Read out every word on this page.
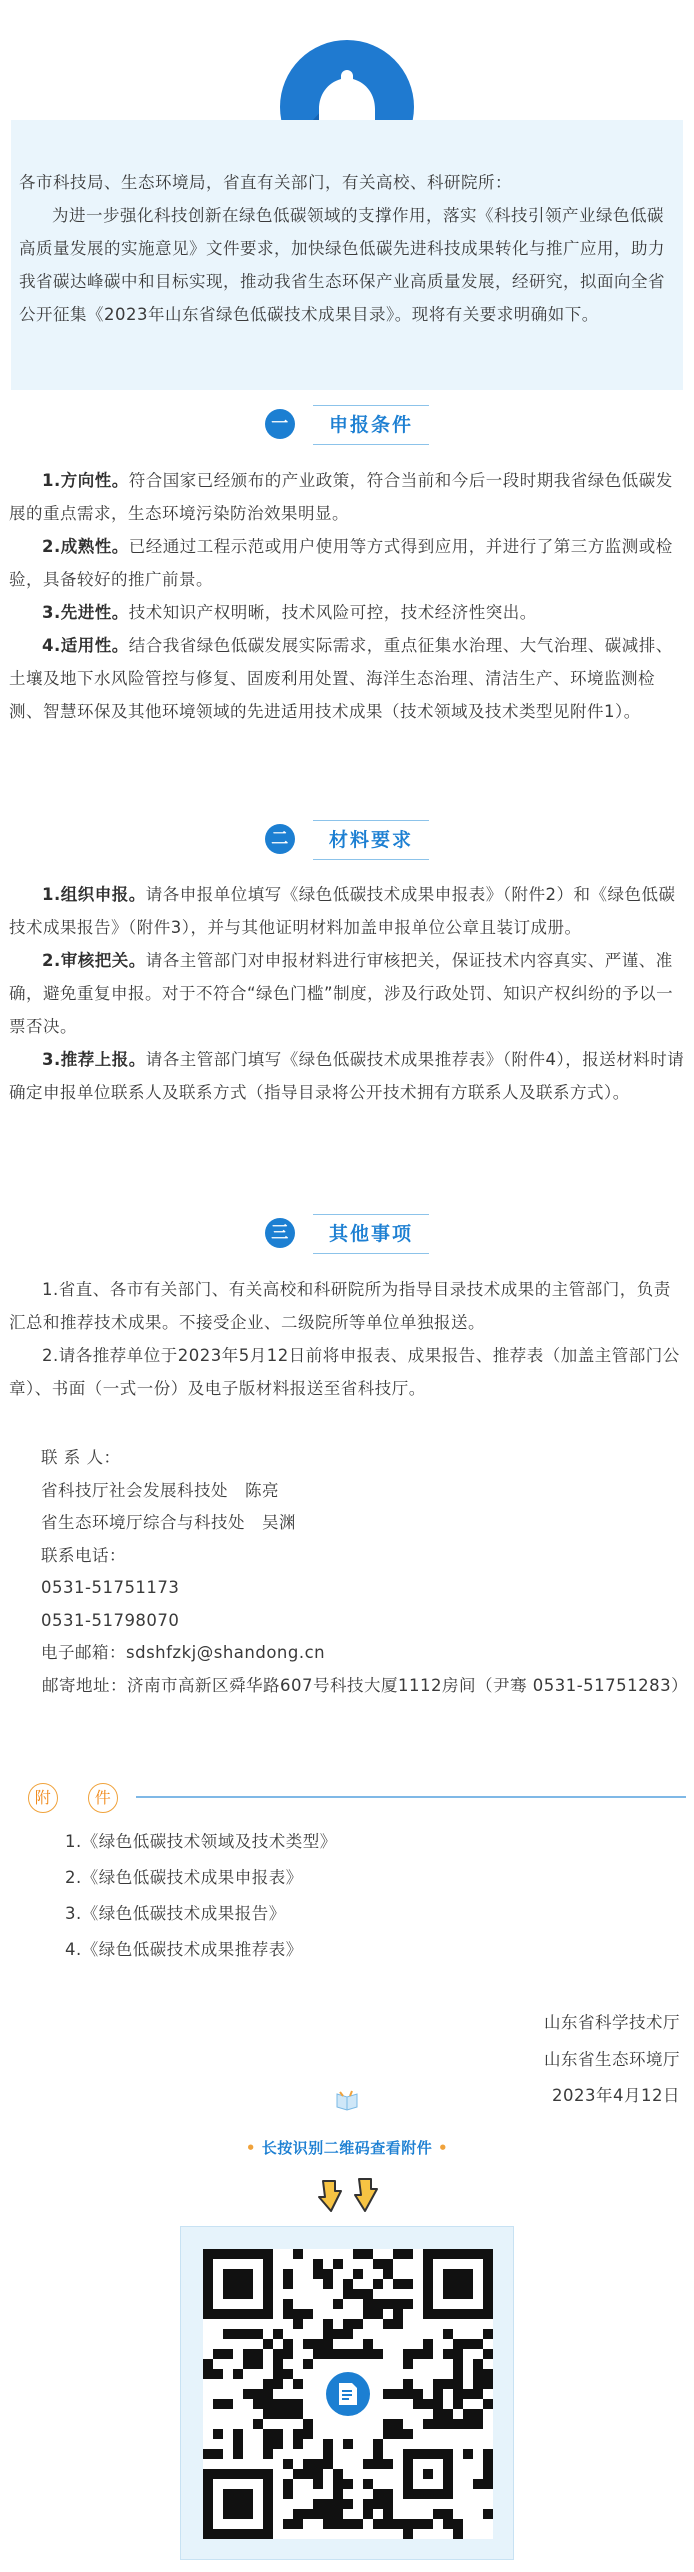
各市科技局、生态环境局，省直有关部门，有关高校、科研院所：

为进一步强化科技创新在绿色低碳领域的支撑作用，落实《科技引领产业绿色低碳高质量发展的实施意见》文件要求，加快绿色低碳先进科技成果转化与推广应用，助力我省碳达峰碳中和目标实现，推动我省生态环保产业高质量发展，经研究，拟面向全省公开征集《2023年山东省绿色低碳技术成果目录》。现将有关要求明确如下。

一	申报条件

1.方向性。符合国家已经颁布的产业政策，符合当前和今后一段时期我省绿色低碳发展的重点需求，生态环境污染防治效果明显。

2.成熟性。已经通过工程示范或用户使用等方式得到应用，并进行了第三方监测或检验，具备较好的推广前景。

3.先进性。技术知识产权明晰，技术风险可控，技术经济性突出。

4.适用性。结合我省绿色低碳发展实际需求，重点征集水治理、大气治理、碳减排、土壤及地下水风险管控与修复、固废利用处置、海洋生态治理、清洁生产、环境监测检测、智慧环保及其他环境领域的先进适用技术成果（技术领域及技术类型见附件1）。

二	材料要求

1.组织申报。请各申报单位填写《绿色低碳技术成果申报表》（附件2）和《绿色低碳技术成果报告》（附件3），并与其他证明材料加盖申报单位公章且装订成册。

2.审核把关。请各主管部门对申报材料进行审核把关，保证技术内容真实、严谨、准确，避免重复申报。对于不符合“绿色门槛”制度，涉及行政处罚、知识产权纠纷的予以一票否决。

3.推荐上报。请各主管部门填写《绿色低碳技术成果推荐表》（附件4），报送材料时请确定申报单位联系人及联系方式（指导目录将公开技术拥有方联系人及联系方式）。

三	其他事项

1.省直、各市有关部门、有关高校和科研院所为指导目录技术成果的主管部门，负责汇总和推荐技术成果。不接受企业、二级院所等单位单独报送。

2.请各推荐单位于2023年5月12日前将申报表、成果报告、推荐表（加盖主管部门公章）、书面（一式一份）及电子版材料报送至省科技厅。

联 系 人：

省科技厅社会发展科技处　陈亮

省生态环境厅综合与科技处　吴渊

联系电话：

0531-51751173

0531-51798070

电子邮箱：sdshfzkj@shandong.cn

邮寄地址：济南市高新区舜华路607号科技大厦1112房间（尹骞 0531-51751283）

附	件

1.《绿色低碳技术领域及技术类型》

2.《绿色低碳技术成果申报表》

3.《绿色低碳技术成果报告》

4.《绿色低碳技术成果推荐表》

山东省科学技术厅

山东省生态环境厅

2023年4月12日

• 长按识别二维码查看附件 •
